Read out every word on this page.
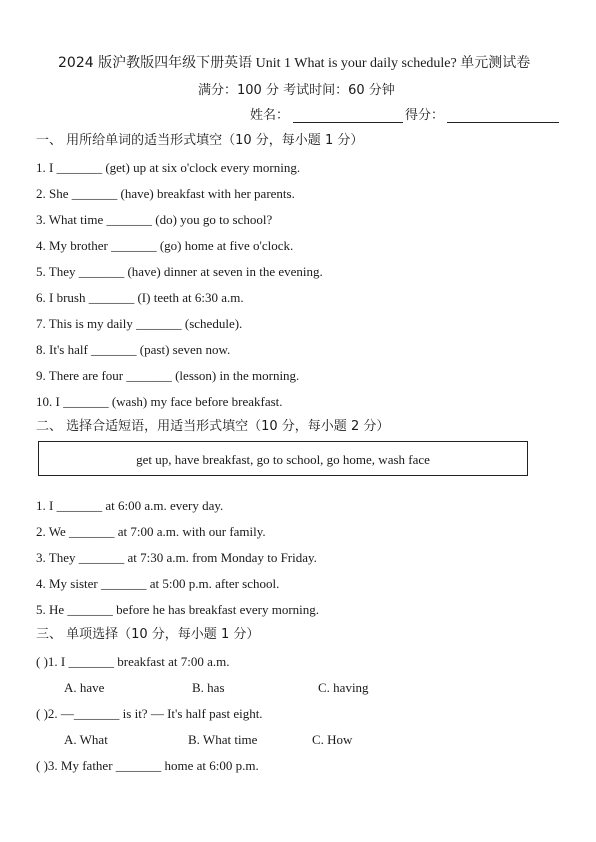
2024 版沪教版四年级下册英语 Unit 1 What is your daily schedule? 单元测试卷
满分：100 分 考试时间：60 分钟
姓名：	得分：
一、 用所给单词的适当形式填空（10 分，每小题 1 分）
1. I _______ (get) up at six o'clock every morning.
2. She _______ (have) breakfast with her parents.
3. What time _______ (do) you go to school?
4. My brother _______ (go) home at five o'clock.
5. They _______ (have) dinner at seven in the evening.
6. I brush _______ (I) teeth at 6:30 a.m.
7. This is my daily _______ (schedule).
8. It's half _______ (past) seven now.
9. There are four _______ (lesson) in the morning.
10. I _______ (wash) my face before breakfast.
二、 选择合适短语，用适当形式填空（10 分，每小题 2 分）
get up, have breakfast, go to school, go home, wash face
1. I _______ at 6:00 a.m. every day.
2. We _______ at 7:00 a.m. with our family.
3. They _______ at 7:30 a.m. from Monday to Friday.
4. My sister _______ at 5:00 p.m. after school.
5. He _______ before he has breakfast every morning.
三、 单项选择（10 分，每小题 1 分）
( )1. I _______ breakfast at 7:00 a.m.
A. have	B. has	C. having
( )2. —_______ is it? — It's half past eight.
A. What	B. What time	C. How
( )3. My father _______ home at 6:00 p.m.
